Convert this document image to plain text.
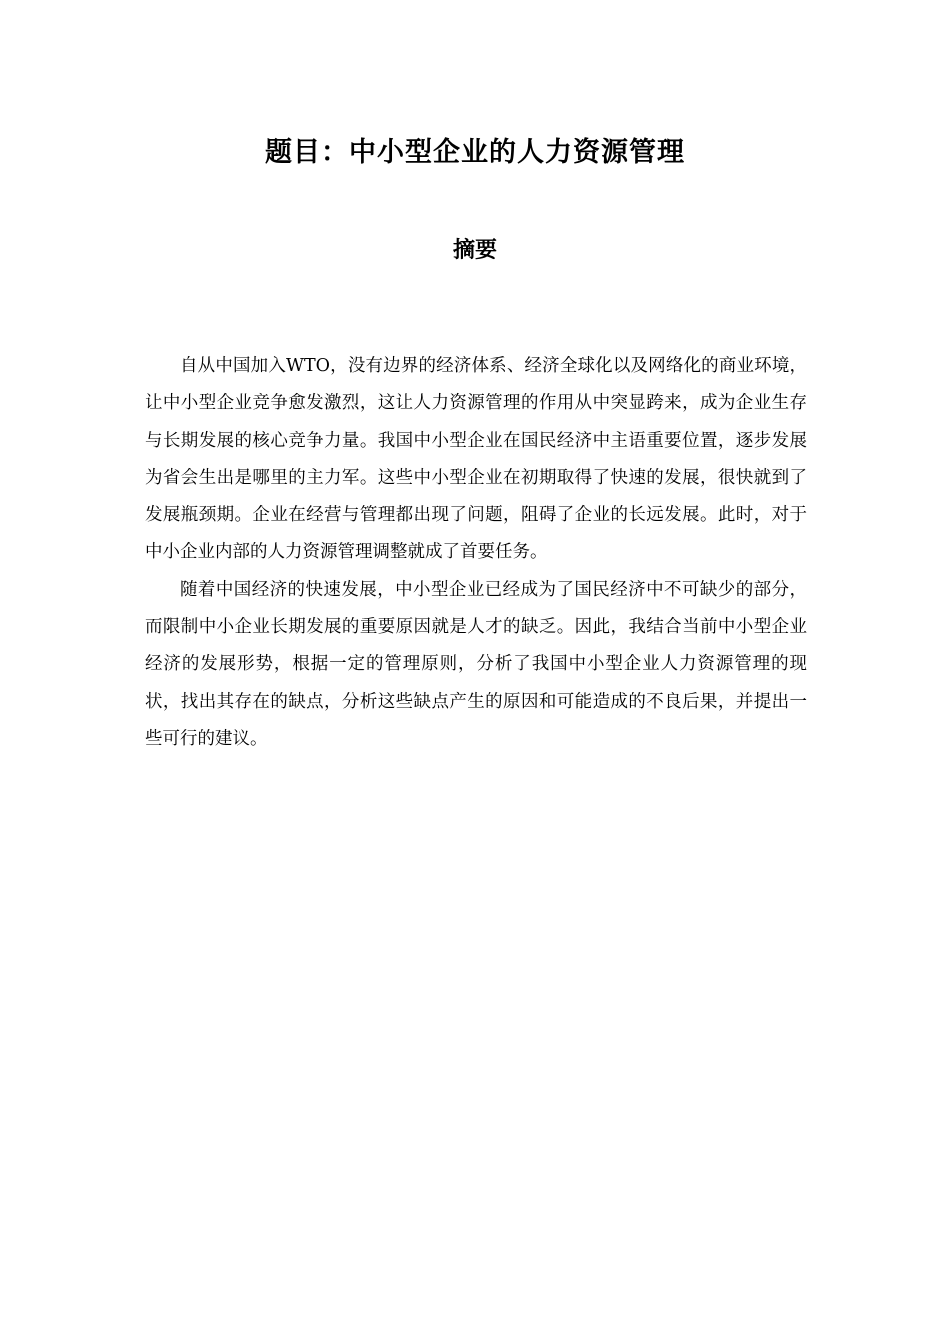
题目：中小型企业的人力资源管理
摘要

自从中国加入WTO，没有边界的经济体系、经济全球化以及网络化的商业环境，让中小型企业竞争愈发激烈，这让人力资源管理的作用从中突显跨来，成为企业生存与长期发展的核心竞争力量。我国中小型企业在国民经济中主语重要位置，逐步发展为省会生出是哪里的主力军。这些中小型企业在初期取得了快速的发展，很快就到了发展瓶颈期。企业在经营与管理都出现了问题，阻碍了企业的长远发展。此时，对于中小企业内部的人力资源管理调整就成了首要任务。

随着中国经济的快速发展，中小型企业已经成为了国民经济中不可缺少的部分，而限制中小企业长期发展的重要原因就是人才的缺乏。因此，我结合当前中小型企业经济的发展形势，根据一定的管理原则，分析了我国中小型企业人力资源管理的现状，找出其存在的缺点，分析这些缺点产生的原因和可能造成的不良后果，并提出一些可行的建议。
